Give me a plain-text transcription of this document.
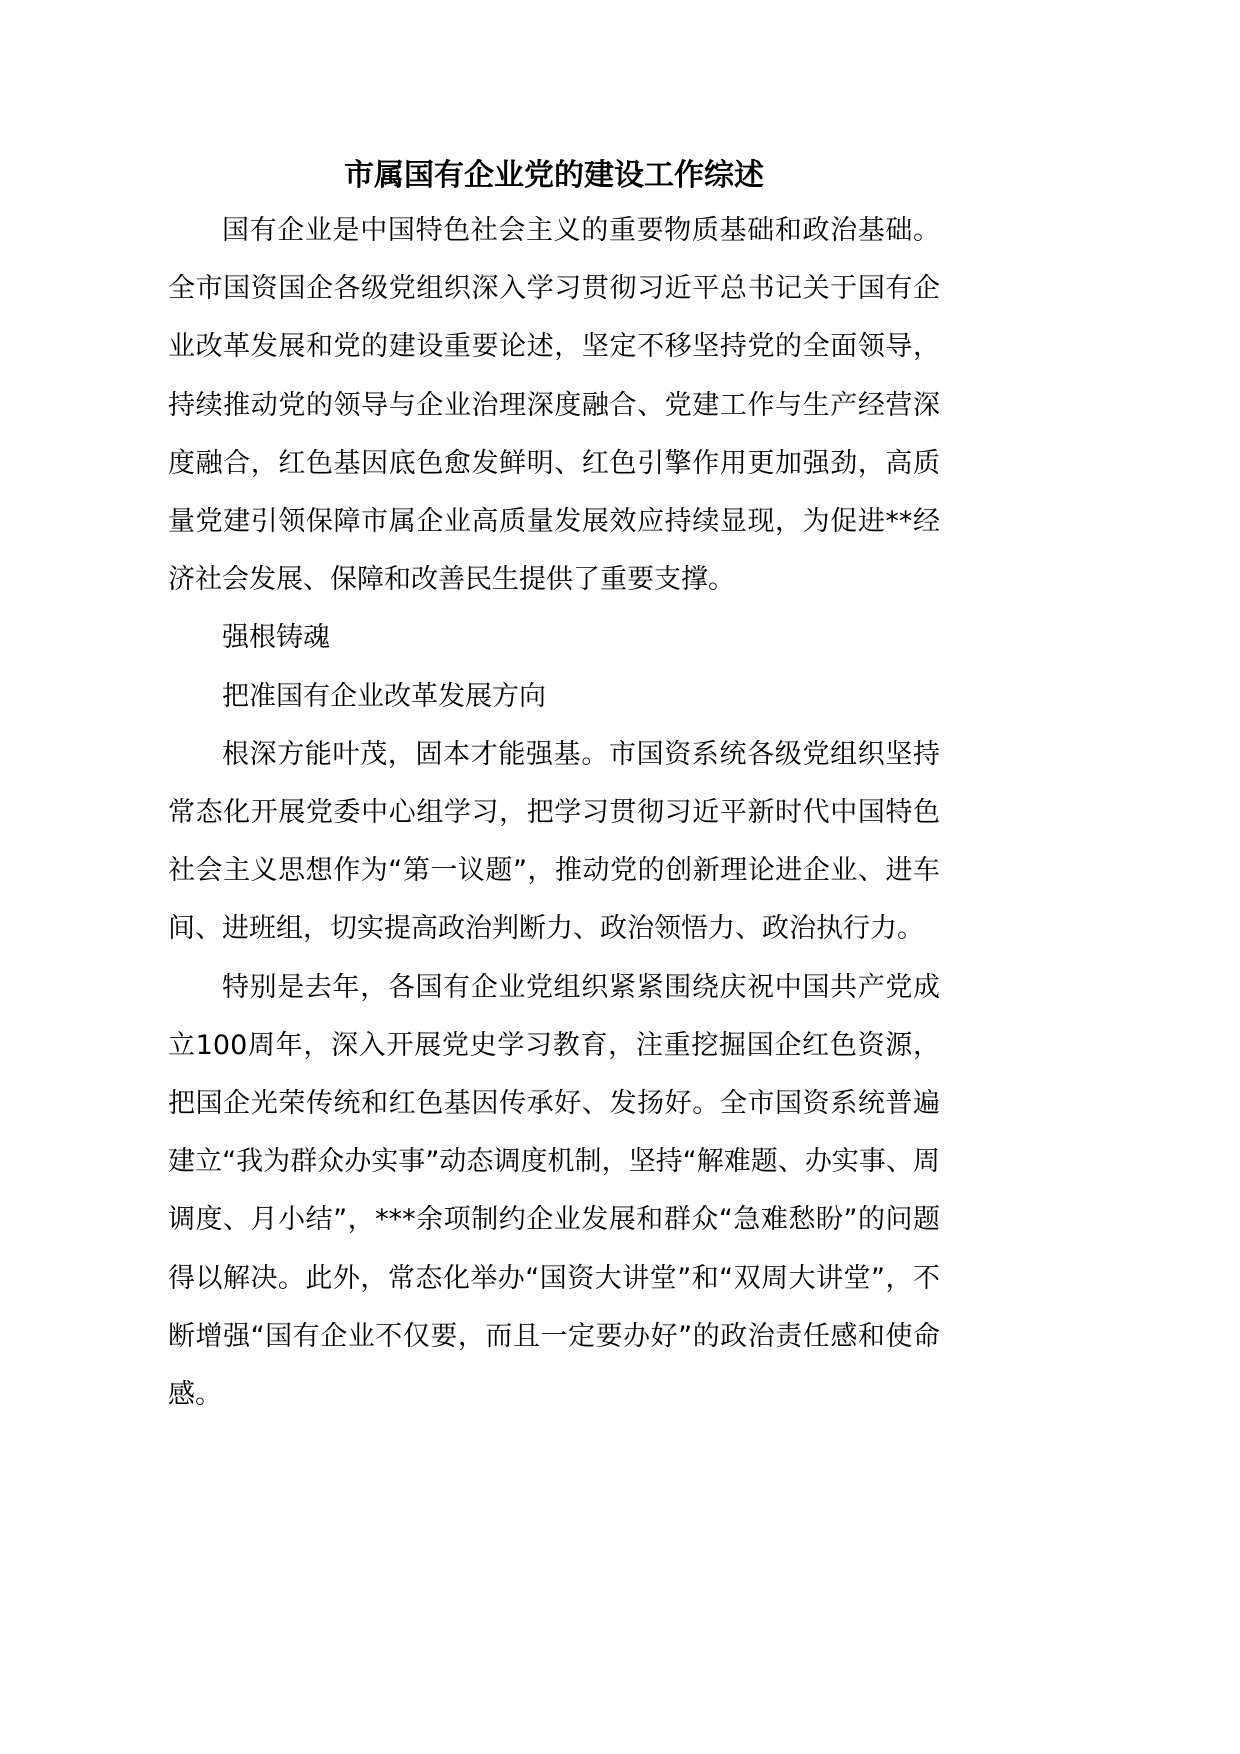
市属国有企业党的建设工作综述

国有企业是中国特色社会主义的重要物质基础和政治基础。全市国资国企各级党组织深入学习贯彻习近平总书记关于国有企业改革发展和党的建设重要论述，坚定不移坚持党的全面领导，持续推动党的领导与企业治理深度融合、党建工作与生产经营深度融合，红色基因底色愈发鲜明、红色引擎作用更加强劲，高质量党建引领保障市属企业高质量发展效应持续显现，为促进**经济社会发展、保障和改善民生提供了重要支撑。

强根铸魂

把准国有企业改革发展方向

根深方能叶茂，固本才能强基。市国资系统各级党组织坚持常态化开展党委中心组学习，把学习贯彻习近平新时代中国特色社会主义思想作为“第一议题”，推动党的创新理论进企业、进车间、进班组，切实提高政治判断力、政治领悟力、政治执行力。

特别是去年，各国有企业党组织紧紧围绕庆祝中国共产党成立100周年，深入开展党史学习教育，注重挖掘国企红色资源，把国企光荣传统和红色基因传承好、发扬好。全市国资系统普遍建立“我为群众办实事”动态调度机制，坚持“解难题、办实事、周调度、月小结”，***余项制约企业发展和群众“急难愁盼”的问题得以解决。此外，常态化举办“国资大讲堂”和“双周大讲堂”，不断增强“国有企业不仅要，而且一定要办好”的政治责任感和使命感。
